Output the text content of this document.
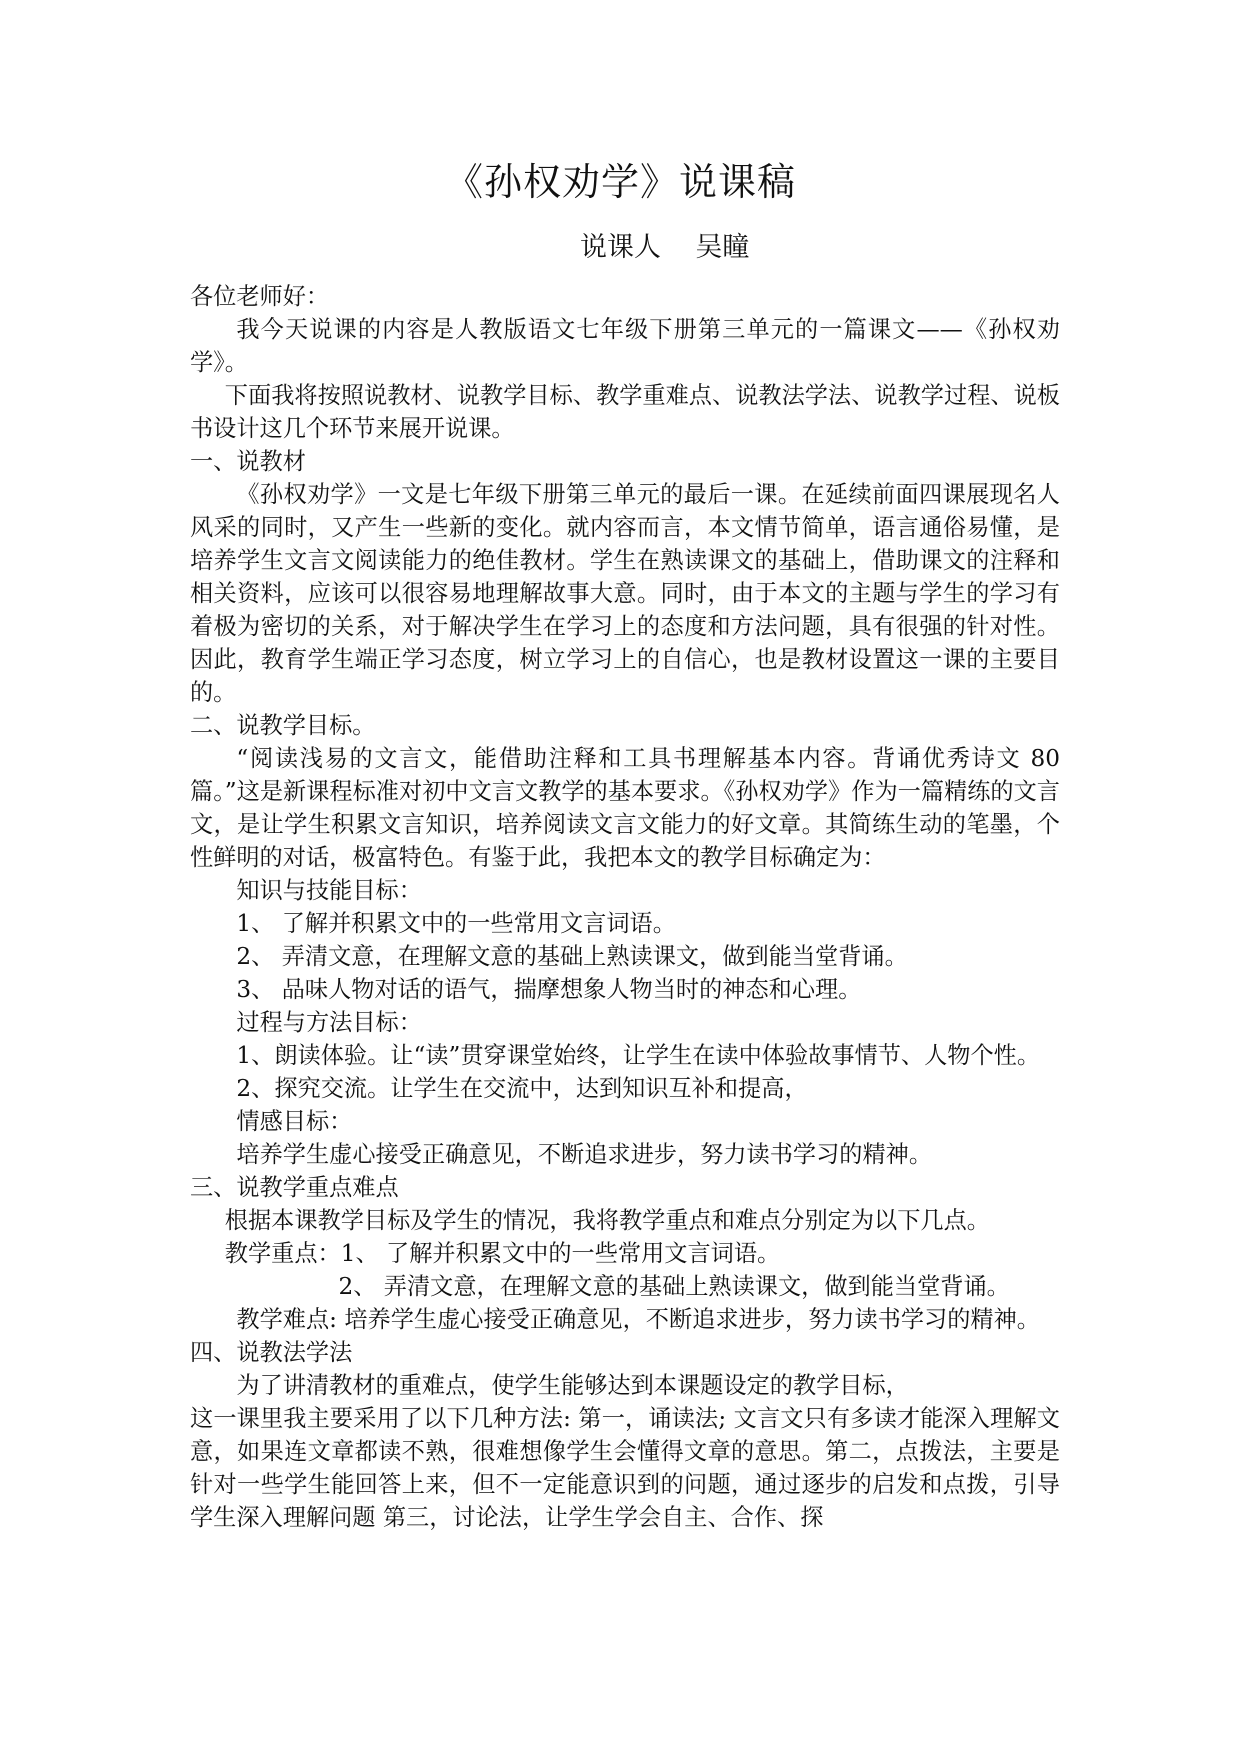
《孙权劝学》说课稿
说课人    吴瞳

各位老师好：

我今天说课的内容是人教版语文七年级下册第三单元的一篇课文——《孙权劝学》。

下面我将按照说教材、说教学目标、教学重难点、说教法学法、说教学过程、说板书设计这几个环节来展开说课。

一、说教材

《孙权劝学》一文是七年级下册第三单元的最后一课。在延续前面四课展现名人风采的同时，又产生一些新的变化。就内容而言，本文情节简单，语言通俗易懂，是培养学生文言文阅读能力的绝佳教材。学生在熟读课文的基础上，借助课文的注释和相关资料，应该可以很容易地理解故事大意。同时，由于本文的主题与学生的学习有着极为密切的关系，对于解决学生在学习上的态度和方法问题，具有很强的针对性。因此，教育学生端正学习态度，树立学习上的自信心，也是教材设置这一课的主要目的。

二、说教学目标。

“阅读浅易的文言文，能借助注释和工具书理解基本内容。背诵优秀诗文 80 篇。”这是新课程标准对初中文言文教学的基本要求。《孙权劝学》作为一篇精练的文言文，是让学生积累文言知识，培养阅读文言文能力的好文章。其简练生动的笔墨，个性鲜明的对话，极富特色。有鉴于此，我把本文的教学目标确定为：

知识与技能目标：

1、 了解并积累文中的一些常用文言词语。

2、 弄清文意，在理解文意的基础上熟读课文，做到能当堂背诵。

3、 品味人物对话的语气，揣摩想象人物当时的神态和心理。

过程与方法目标：

1、朗读体验。让“读”贯穿课堂始终，让学生在读中体验故事情节、人物个性。

2、探究交流。让学生在交流中，达到知识互补和提高，

情感目标：

培养学生虚心接受正确意见，不断追求进步，努力读书学习的精神。

三、说教学重点难点

根据本课教学目标及学生的情况，我将教学重点和难点分别定为以下几点。

教学重点：1、 了解并积累文中的一些常用文言词语。

2、 弄清文意，在理解文意的基础上熟读课文，做到能当堂背诵。

教学难点: 培养学生虚心接受正确意见，不断追求进步，努力读书学习的精神。

四、说教法学法

为了讲清教材的重难点，使学生能够达到本课题设定的教学目标，

这一课里我主要采用了以下几种方法: 第一，诵读法; 文言文只有多读才能深入理解文意，如果连文章都读不熟，很难想像学生会懂得文章的意思。第二，点拨法，主要是针对一些学生能回答上来，但不一定能意识到的问题，通过逐步的启发和点拨，引导学生深入理解问题 第三，讨论法，让学生学会自主、合作、探
